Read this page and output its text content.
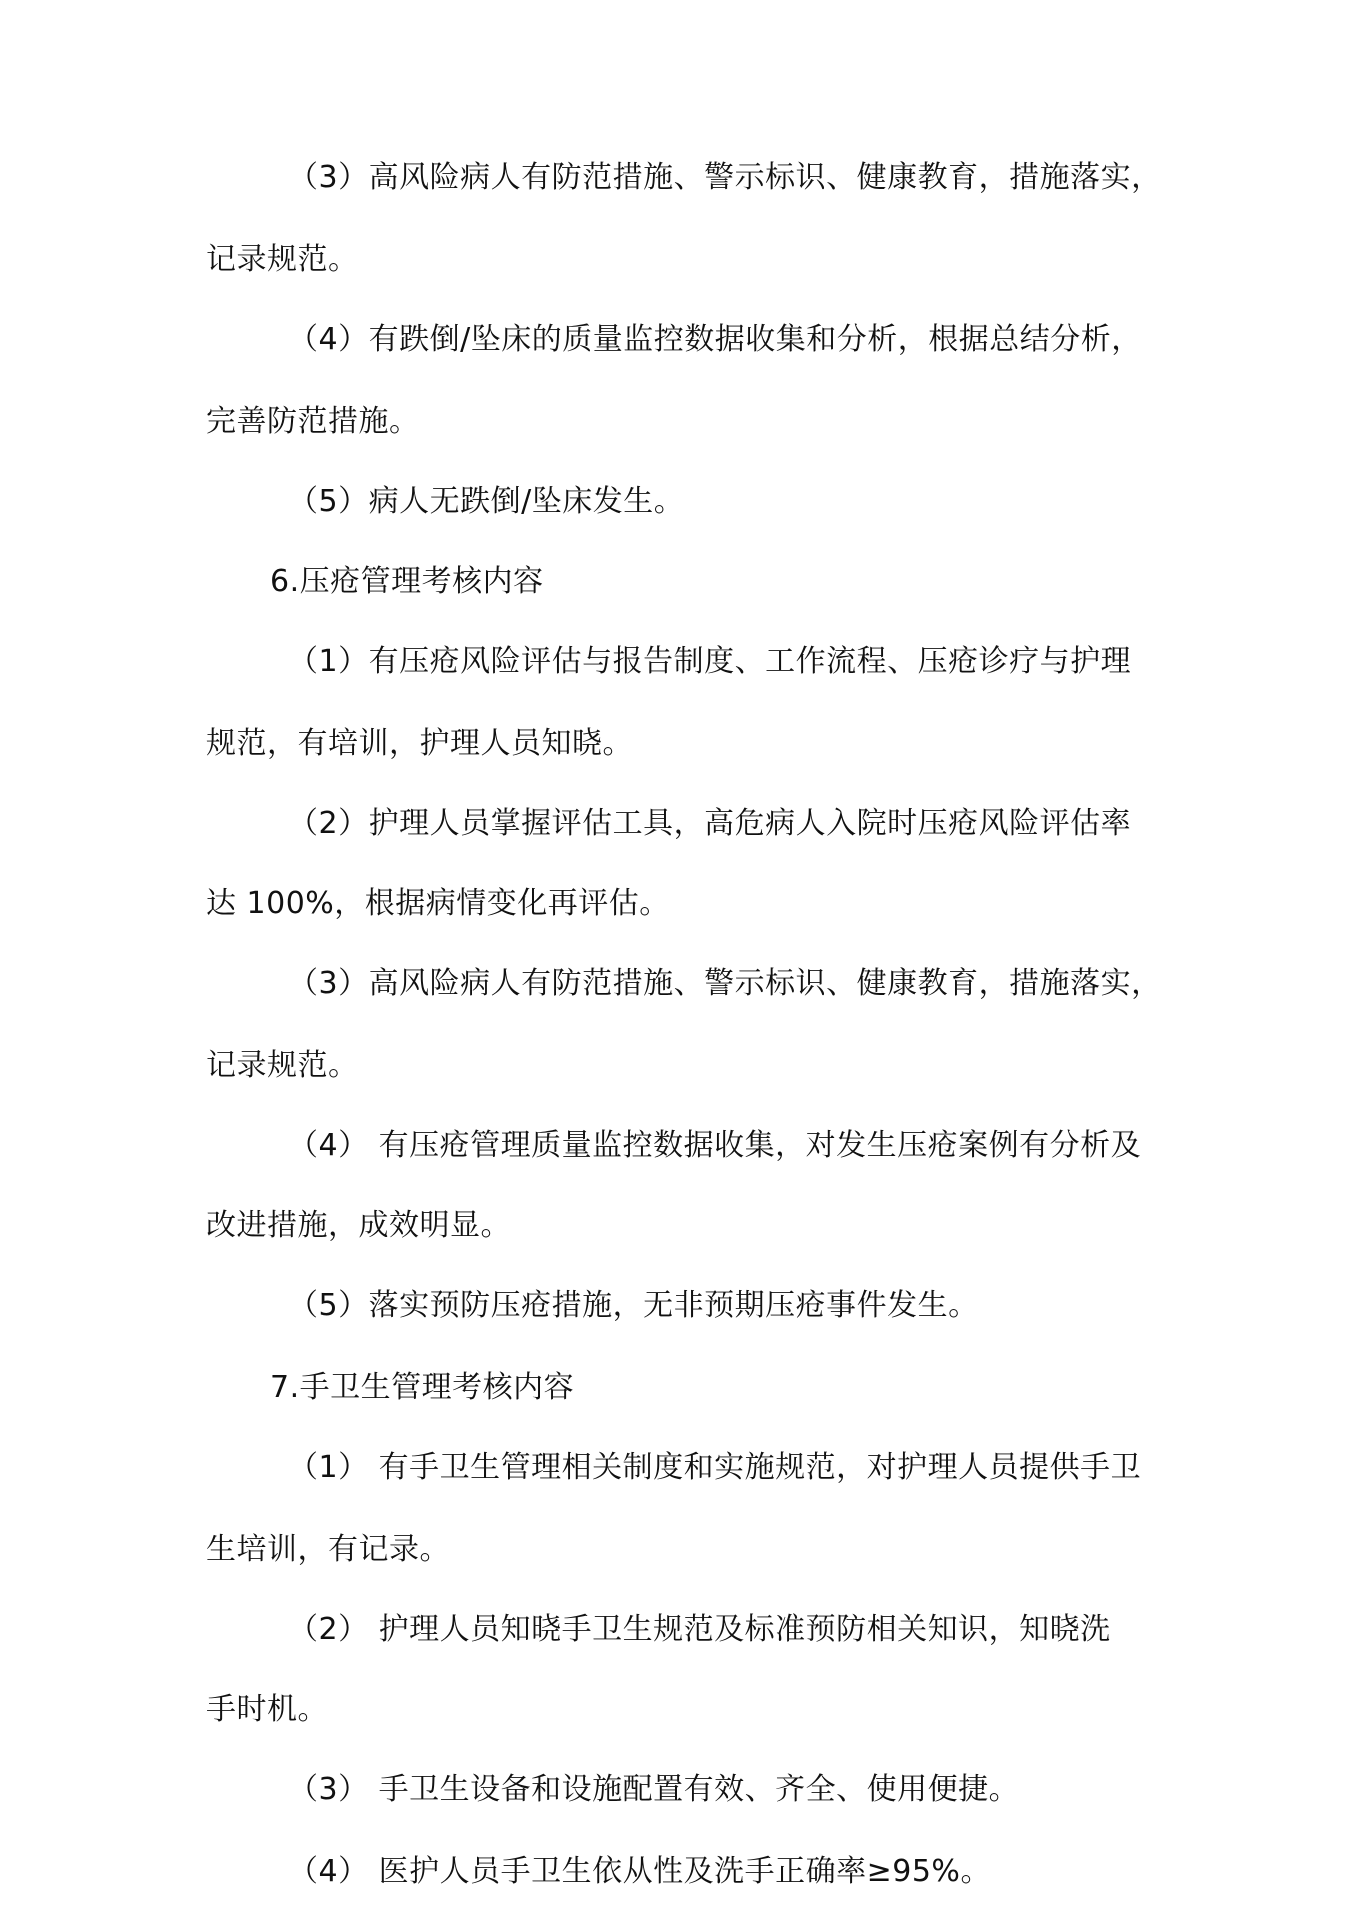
（3）高风险病人有防范措施、警示标识、健康教育，措施落实，
记录规范。
（4）有跌倒/坠床的质量监控数据收集和分析，根据总结分析，
完善防范措施。
（5）病人无跌倒/坠床发生。
6.压疮管理考核内容
（1）有压疮风险评估与报告制度、工作流程、压疮诊疗与护理
规范，有培训，护理人员知晓。
（2）护理人员掌握评估工具，高危病人入院时压疮风险评估率
达 100%，根据病情变化再评估。
（3）高风险病人有防范措施、警示标识、健康教育，措施落实，
记录规范。
（4） 有压疮管理质量监控数据收集，对发生压疮案例有分析及
改进措施，成效明显。
（5）落实预防压疮措施，无非预期压疮事件发生。
7.手卫生管理考核内容
（1） 有手卫生管理相关制度和实施规范，对护理人员提供手卫
生培训，有记录。
（2） 护理人员知晓手卫生规范及标准预防相关知识，知晓洗
手时机。
（3） 手卫生设备和设施配置有效、齐全、使用便捷。
（4） 医护人员手卫生依从性及洗手正确率≥95%。
